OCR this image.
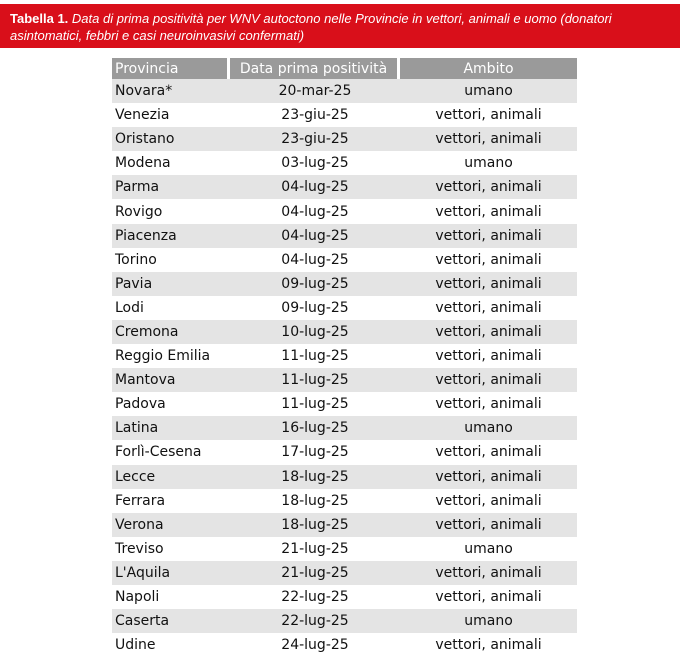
Tabella 1. Data di prima positività per WNV autoctono nelle Provincie in vettori, animali e uomo (donatori asintomatici, febbri e casi neuroinvasivi confermati)
Provincia	Data prima positività	Ambito
Novara*	20-mar-25	umano
Venezia	23-giu-25	vettori, animali
Oristano	23-giu-25	vettori, animali
Modena	03-lug-25	umano
Parma	04-lug-25	vettori, animali
Rovigo	04-lug-25	vettori, animali
Piacenza	04-lug-25	vettori, animali
Torino	04-lug-25	vettori, animali
Pavia	09-lug-25	vettori, animali
Lodi	09-lug-25	vettori, animali
Cremona	10-lug-25	vettori, animali
Reggio Emilia	11-lug-25	vettori, animali
Mantova	11-lug-25	vettori, animali
Padova	11-lug-25	vettori, animali
Latina	16-lug-25	umano
Forlì-Cesena	17-lug-25	vettori, animali
Lecce	18-lug-25	vettori, animali
Ferrara	18-lug-25	vettori, animali
Verona	18-lug-25	vettori, animali
Treviso	21-lug-25	umano
L'Aquila	21-lug-25	vettori, animali
Napoli	22-lug-25	vettori, animali
Caserta	22-lug-25	umano
Udine	24-lug-25	vettori, animali
